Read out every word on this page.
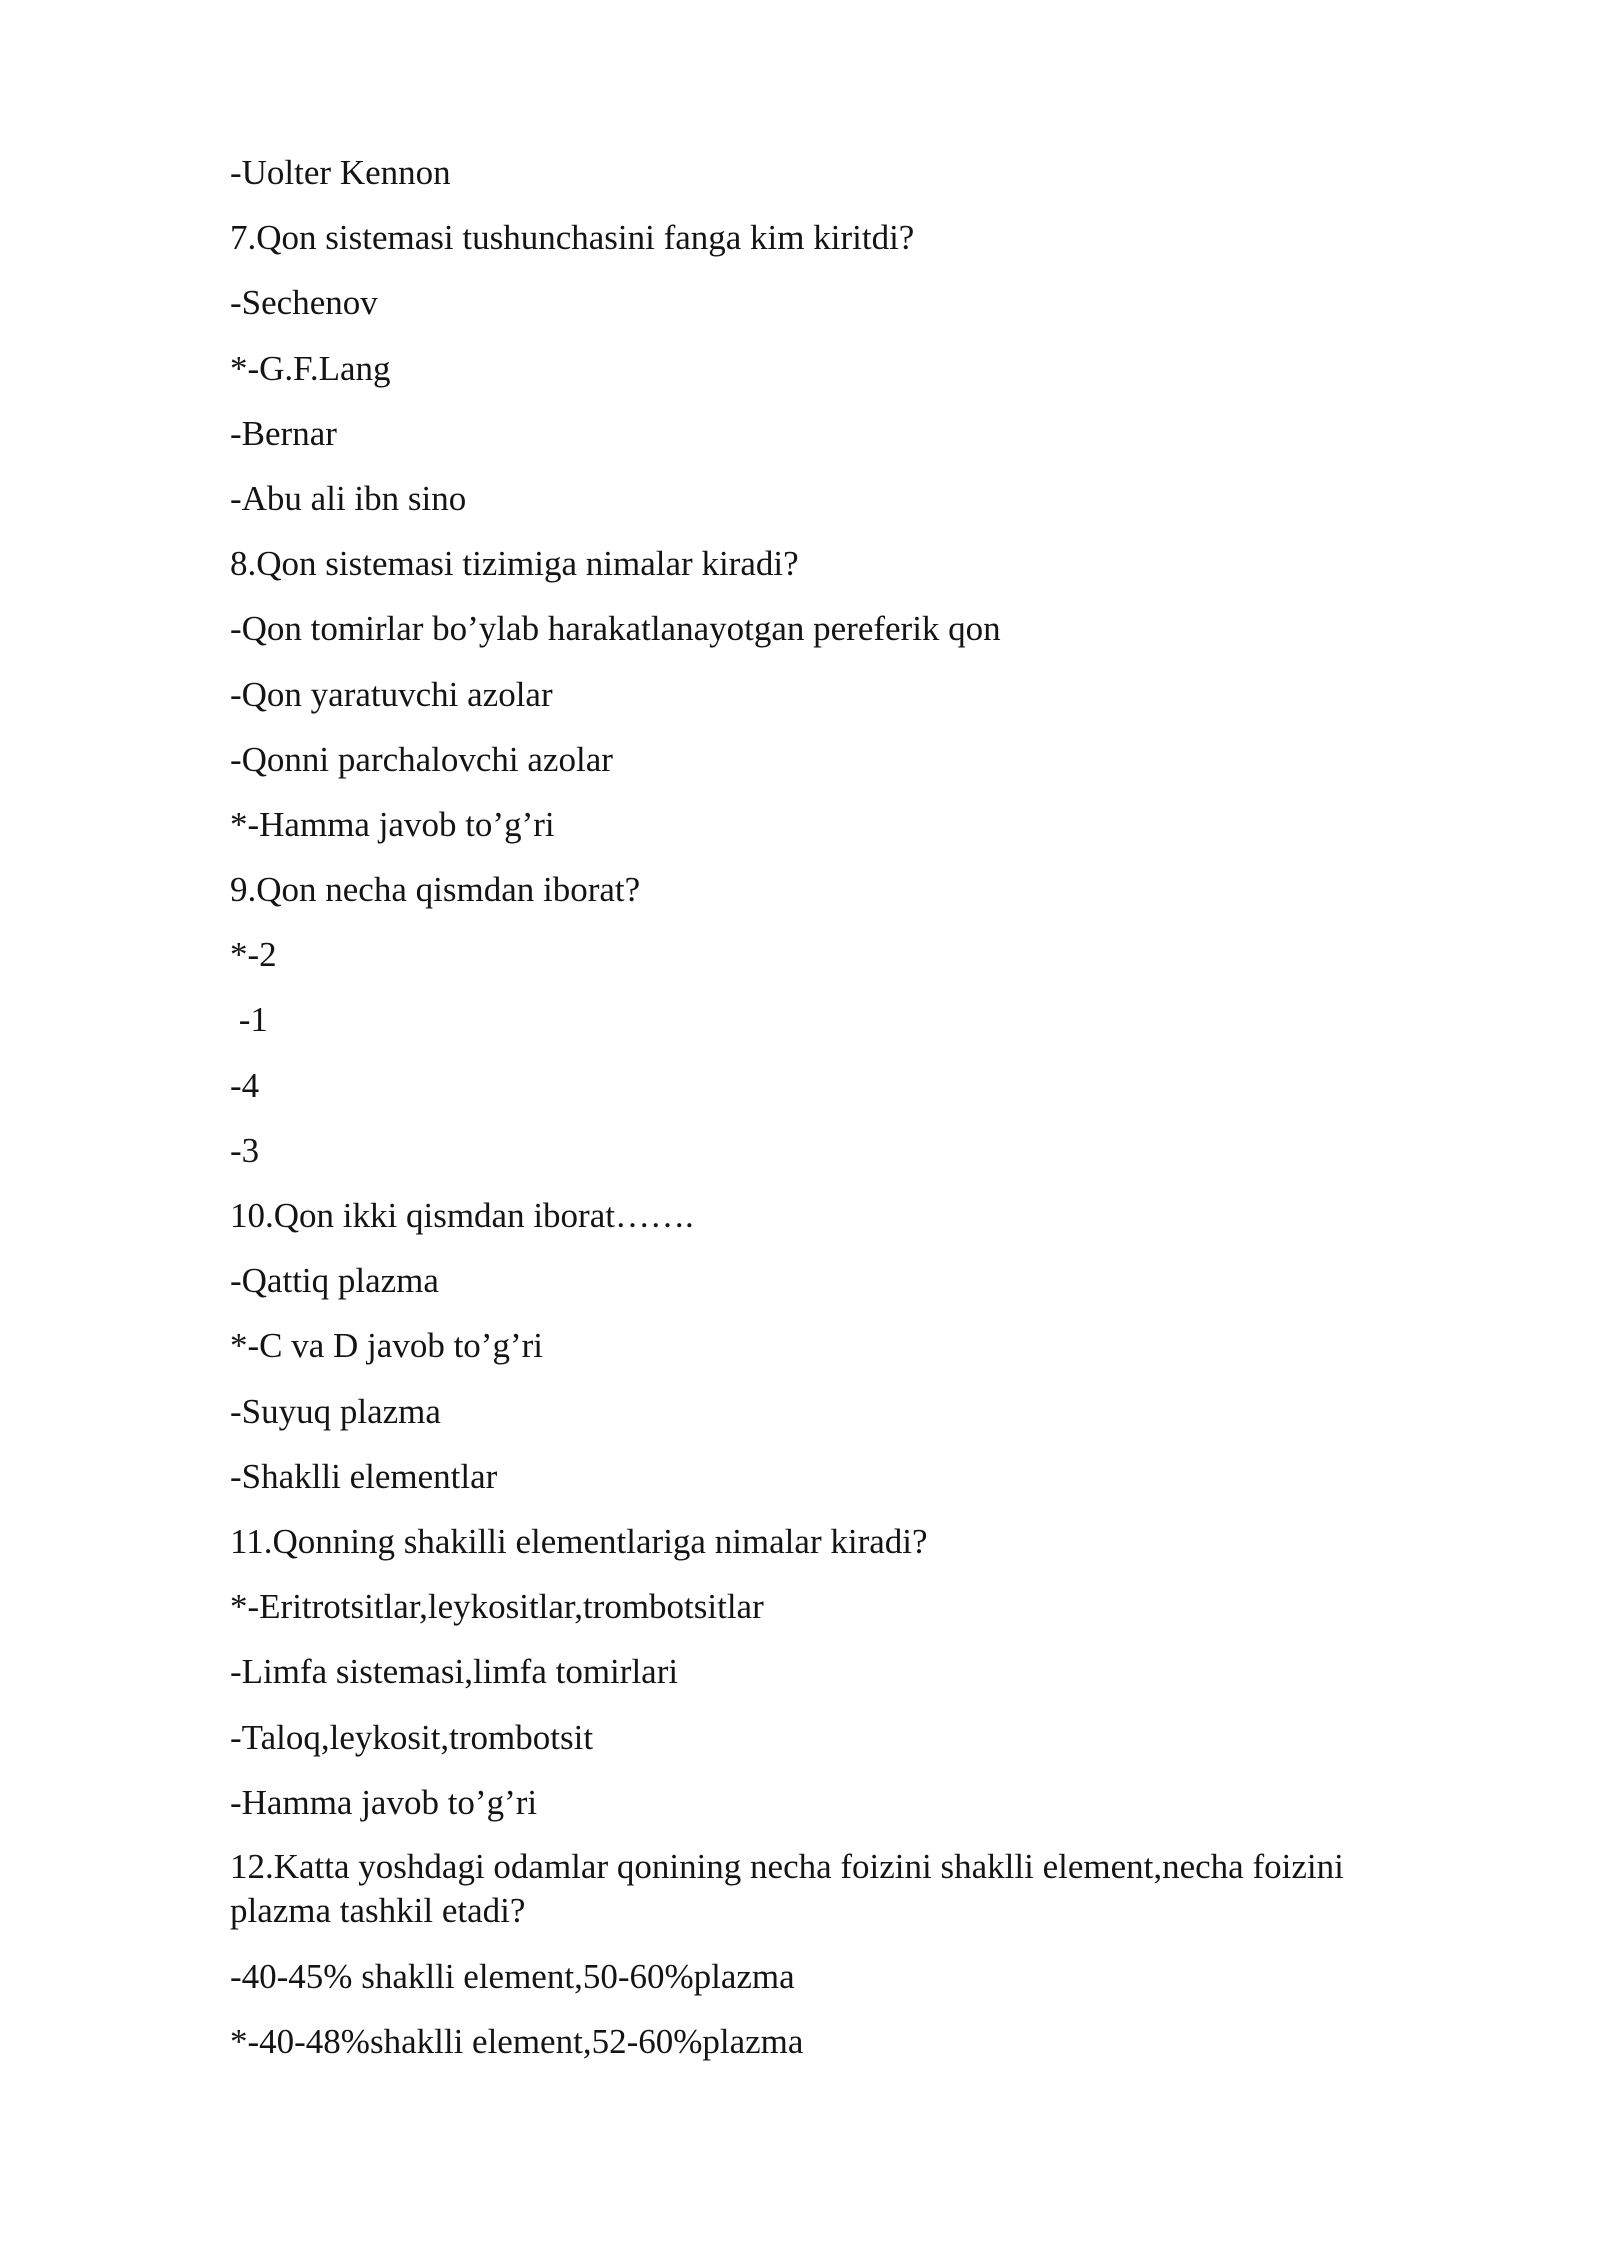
-Uolter Kennon
7.Qon sistemasi tushunchasini fanga kim kiritdi?
-Sechenov
*-G.F.Lang
-Bernar
-Abu ali ibn sino
8.Qon sistemasi tizimiga nimalar kiradi?
-Qon tomirlar bo’ylab harakatlanayotgan pereferik qon
-Qon yaratuvchi azolar
-Qonni parchalovchi azolar
*-Hamma javob to’g’ri
9.Qon necha qismdan iborat?
*-2
-1
-4
-3
10.Qon ikki qismdan iborat…….
-Qattiq plazma
*-C va D javob to’g’ri
-Suyuq plazma
-Shaklli elementlar
11.Qonning shakilli elementlariga nimalar kiradi?
*-Eritrotsitlar,leykositlar,trombotsitlar
-Limfa sistemasi,limfa tomirlari
-Taloq,leykosit,trombotsit
-Hamma javob to’g’ri
12.Katta yoshdagi odamlar qonining necha foizini shaklli element,necha foizini plazma tashkil etadi?
-40-45% shaklli element,50-60%plazma
*-40-48%shaklli element,52-60%plazma
